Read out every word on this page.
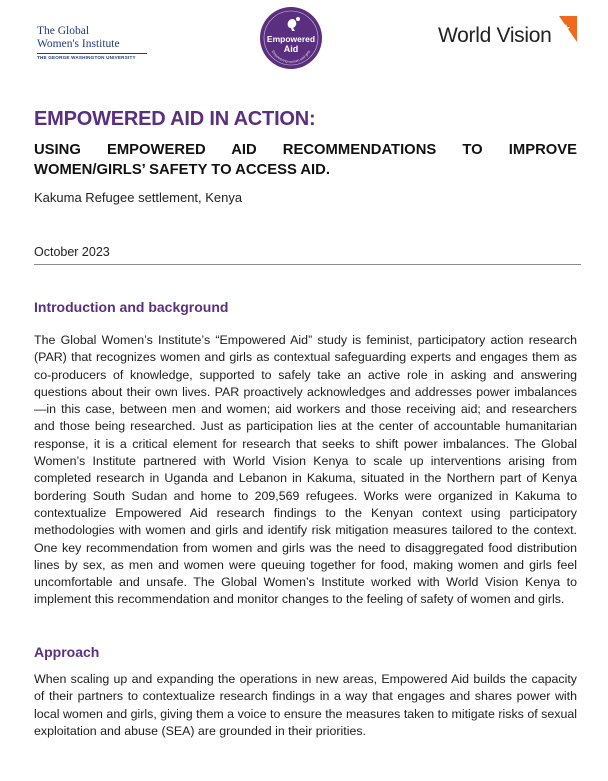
The Global
Women's Institute
THE GEORGE WASHINGTON UNIVERSITY
Empowered
Aid
Empowering women and girls
World Vision
EMPOWERED AID IN ACTION:
USING EMPOWERED AID RECOMMENDATIONS TO IMPROVE WOMEN/GIRLS’ SAFETY TO ACCESS AID.
Kakuma Refugee settlement, Kenya
October 2023
Introduction and background
The Global Women’s Institute’s “Empowered Aid” study is feminist, participatory action research (PAR) that recognizes women and girls as contextual safeguarding experts and engages them as co-producers of knowledge, supported to safely take an active role in asking and answering questions about their own lives. PAR proactively acknowledges and addresses power imbalances—in this case, between men and women; aid workers and those receiving aid; and researchers and those being researched. Just as participation lies at the center of accountable humanitarian response, it is a critical element for research that seeks to shift power imbalances. The Global Women’s Institute partnered with World Vision Kenya to scale up interventions arising from completed research in Uganda and Lebanon in Kakuma, situated in the Northern part of Kenya bordering South Sudan and home to 209,569 refugees. Works were organized in Kakuma to contextualize Empowered Aid research findings to the Kenyan context using participatory methodologies with women and girls and identify risk mitigation measures tailored to the context. One key recommendation from women and girls was the need to disaggregated food distribution lines by sex, as men and women were queuing together for food, making women and girls feel uncomfortable and unsafe. The Global Women’s Institute worked with World Vision Kenya to implement this recommendation and monitor changes to the feeling of safety of women and girls.
Approach
When scaling up and expanding the operations in new areas, Empowered Aid builds the capacity of their partners to contextualize research findings in a way that engages and shares power with local women and girls, giving them a voice to ensure the measures taken to mitigate risks of sexual exploitation and abuse (SEA) are grounded in their priorities.
